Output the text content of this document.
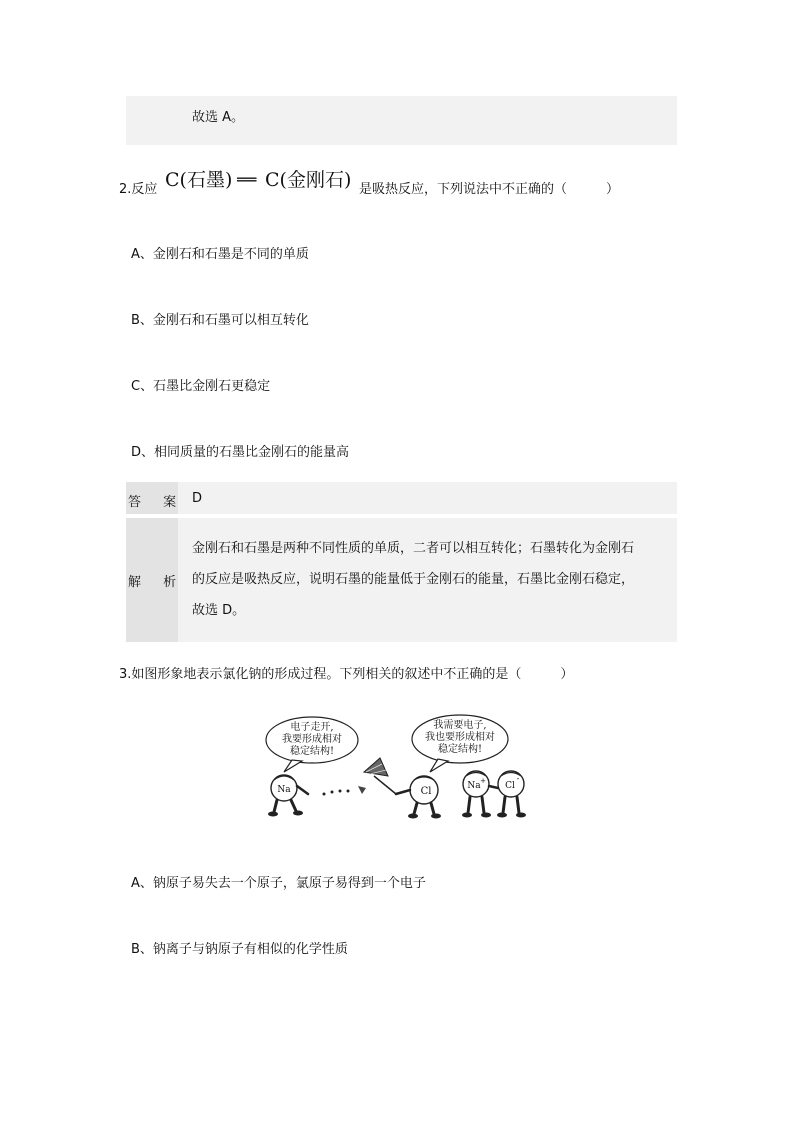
故选 A。
2.反应 C(石墨) ══ C(金刚石) 是吸热反应，下列说法中不正确的（　　　）
A、金刚石和石墨是不同的单质
B、金刚石和石墨可以相互转化
C、石墨比金刚石更稳定
D、相同质量的石墨比金刚石的能量高
答 案 D
解 析
金刚石和石墨是两种不同性质的单质，二者可以相互转化；石墨转化为金刚石
的反应是吸热反应，说明石墨的能量低于金刚石的能量，石墨比金刚石稳定，
故选 D。
3.如图形象地表示氯化钠的形成过程。下列相关的叙述中不正确的是（　　　）
电子走开,
我要形成相对
稳定结构!
我需要电子,
我也要形成相对
稳定结构!
Na	Cl	Na + Cl
-
A、钠原子易失去一个原子，氯原子易得到一个电子
B、钠离子与钠原子有相似的化学性质
